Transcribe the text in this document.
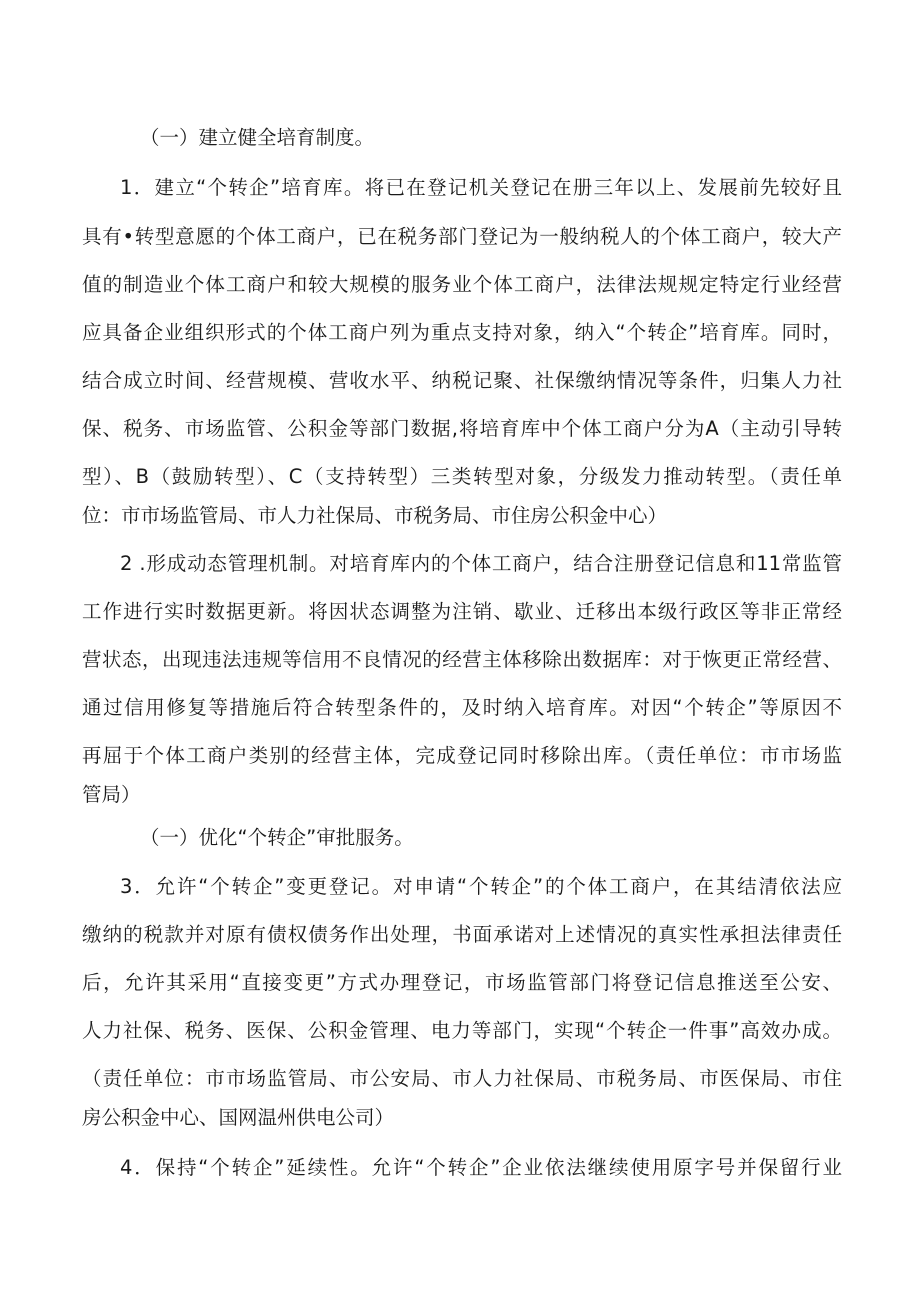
（一）建立健全培育制度。
1．建立“个转企”培育库。将已在登记机关登记在册三年以上、发展前先较好且
具有•转型意愿的个体工商户，已在税务部门登记为一般纳税人的个体工商户，较大产
值的制造业个体工商户和较大规模的服务业个体工商户，法律法规规定特定行业经营
应具备企业组织形式的个体工商户列为重点支持对象，纳入“个转企”培育库。同时，
结合成立时间、经营规模、营收水平、纳税记聚、社保缴纳情况等条件，归集人力社
保、税务、市场监管、公积金等部门数据,将培育库中个体工商户分为A（主动引导转
型）、B（鼓励转型）、C（支持转型）三类转型对象，分级发力推动转型。（责任单
位：市市场监管局、市人力社保局、市税务局、市住房公积金中心）
2 .形成动态管理机制。对培育库内的个体工商户，结合注册登记信息和11常监管
工作进行实时数据更新。将因状态调整为注销、歇业、迁移出本级行政区等非正常经
营状态，出现违法违规等信用不良情况的经营主体移除出数据库：对于恢更正常经营、
通过信用修复等措施后符合转型条件的，及时纳入培育库。对因“个转企”等原因不
再屈于个体工商户类别的经营主体，完成登记同时移除出库。（责任单位：市市场监
管局）
（一）优化“个转企”审批服务。
3．允许“个转企”变更登记。对申请“个转企”的个体工商户，在其结清依法应
缴纳的税款并对原有债权债务作出处理，书面承诺对上述情况的真实性承担法律责任
后，允许其采用“直接变更”方式办理登记，市场监管部门将登记信息推送至公安、
人力社保、税务、医保、公积金管理、电力等部门，实现“个转企一件事”高效办成。
（责任单位：市市场监管局、市公安局、市人力社保局、市税务局、市医保局、市住
房公积金中心、国网温州供电公司）
4．保持“个转企”延续性。允许“个转企”企业依法继续使用原字号并保留行业
